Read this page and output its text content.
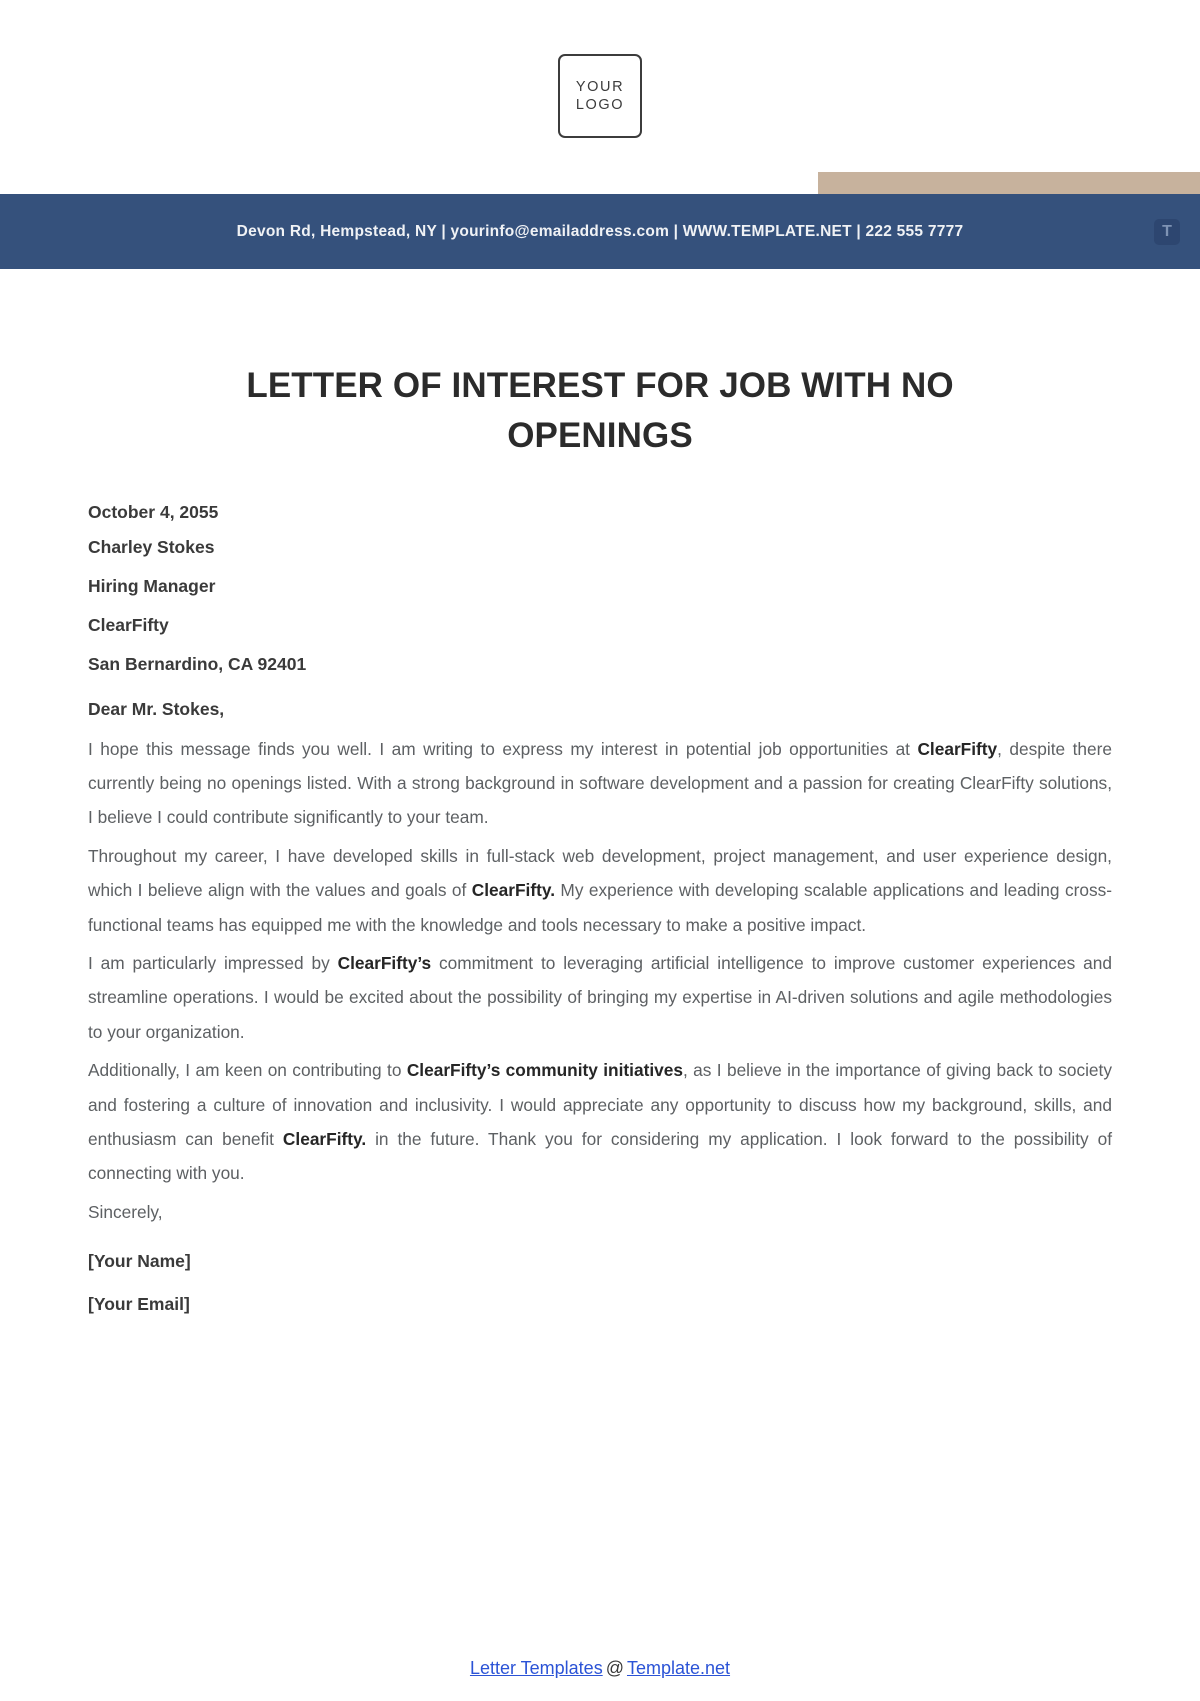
YOUR
LOGO
Devon Rd, Hempstead, NY | yourinfo@emailaddress.com | WWW.TEMPLATE.NET | 222 555 7777	T
LETTER OF INTEREST FOR JOB WITH NO OPENINGS
October 4, 2055
Charley Stokes
Hiring Manager
ClearFifty
San Bernardino, CA 92401
Dear Mr. Stokes,

I hope this message finds you well. I am writing to express my interest in potential job opportunities at ClearFifty, despite there currently being no openings listed. With a strong background in software development and a passion for creating ClearFifty solutions, I believe I could contribute significantly to your team.

Throughout my career, I have developed skills in full-stack web development, project management, and user experience design, which I believe align with the values and goals of ClearFifty. My experience with developing scalable applications and leading cross-functional teams has equipped me with the knowledge and tools necessary to make a positive impact.

I am particularly impressed by ClearFifty’s commitment to leveraging artificial intelligence to improve customer experiences and streamline operations. I would be excited about the possibility of bringing my expertise in AI-driven solutions and agile methodologies to your organization.

Additionally, I am keen on contributing to ClearFifty’s community initiatives, as I believe in the importance of giving back to society and fostering a culture of innovation and inclusivity. I would appreciate any opportunity to discuss how my background, skills, and enthusiasm can benefit ClearFifty. in the future. Thank you for considering my application. I look forward to the possibility of connecting with you.

Sincerely,
[Your Name]
[Your Email]
Letter Templates @ Template.net
